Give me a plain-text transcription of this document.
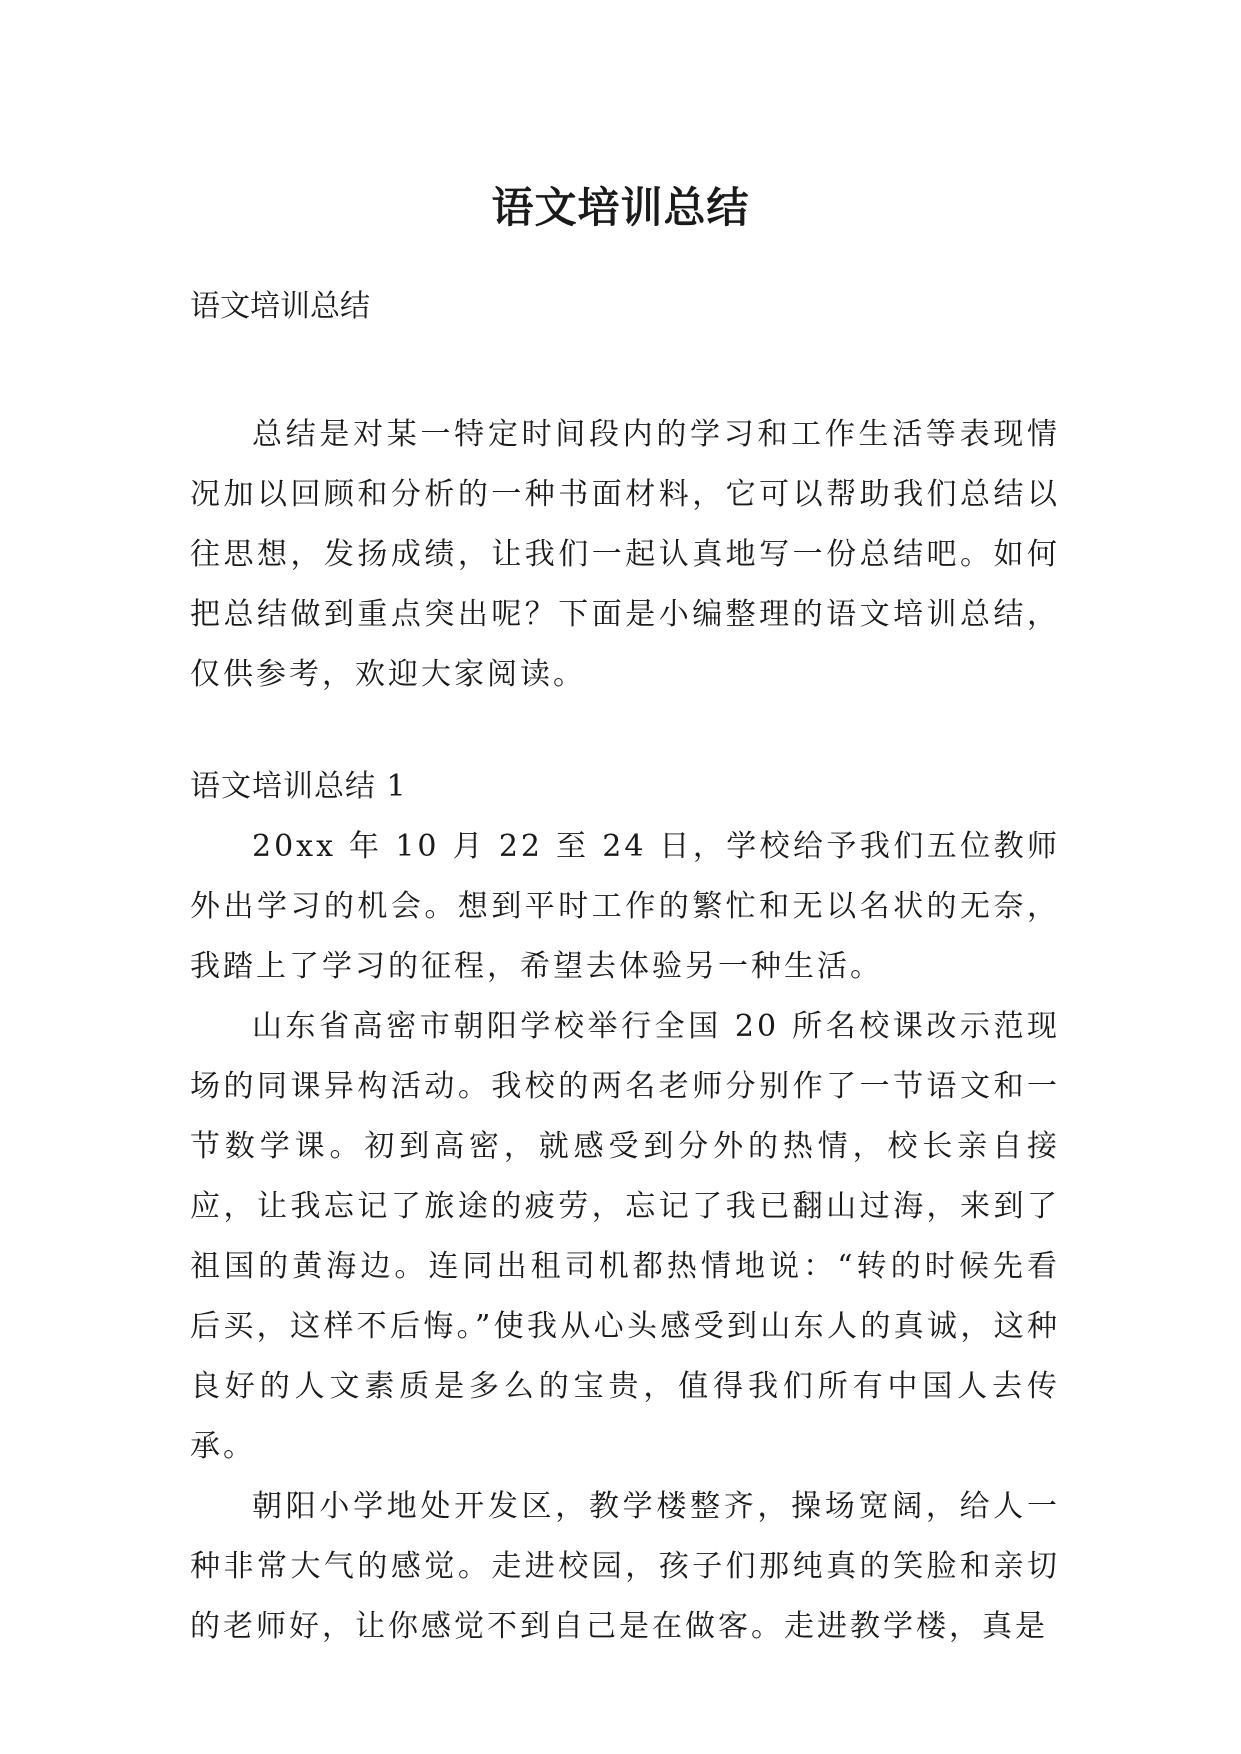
语文培训总结

语文培训总结

总结是对某一特定时间段内的学习和工作生活等表现情况加以回顾和分析的一种书面材料，它可以帮助我们总结以往思想，发扬成绩，让我们一起认真地写一份总结吧。如何把总结做到重点突出呢？下面是小编整理的语文培训总结，仅供参考，欢迎大家阅读。

语文培训总结 1

20xx 年 10 月 22 至 24 日，学校给予我们五位教师外出学习的机会。想到平时工作的繁忙和无以名状的无奈，我踏上了学习的征程，希望去体验另一种生活。

山东省高密市朝阳学校举行全国 20 所名校课改示范现场的同课异构活动。我校的两名老师分别作了一节语文和一节数学课。初到高密，就感受到分外的热情，校长亲自接应，让我忘记了旅途的疲劳，忘记了我已翻山过海，来到了祖国的黄海边。连同出租司机都热情地说：“转的时候先看后买，这样不后悔。”使我从心头感受到山东人的真诚，这种良好的人文素质是多么的宝贵，值得我们所有中国人去传承。

朝阳小学地处开发区，教学楼整齐，操场宽阔，给人一种非常大气的感觉。走进校园，孩子们那纯真的笑脸和亲切的老师好，让你感觉不到自己是在做客。走进教学楼，真是
